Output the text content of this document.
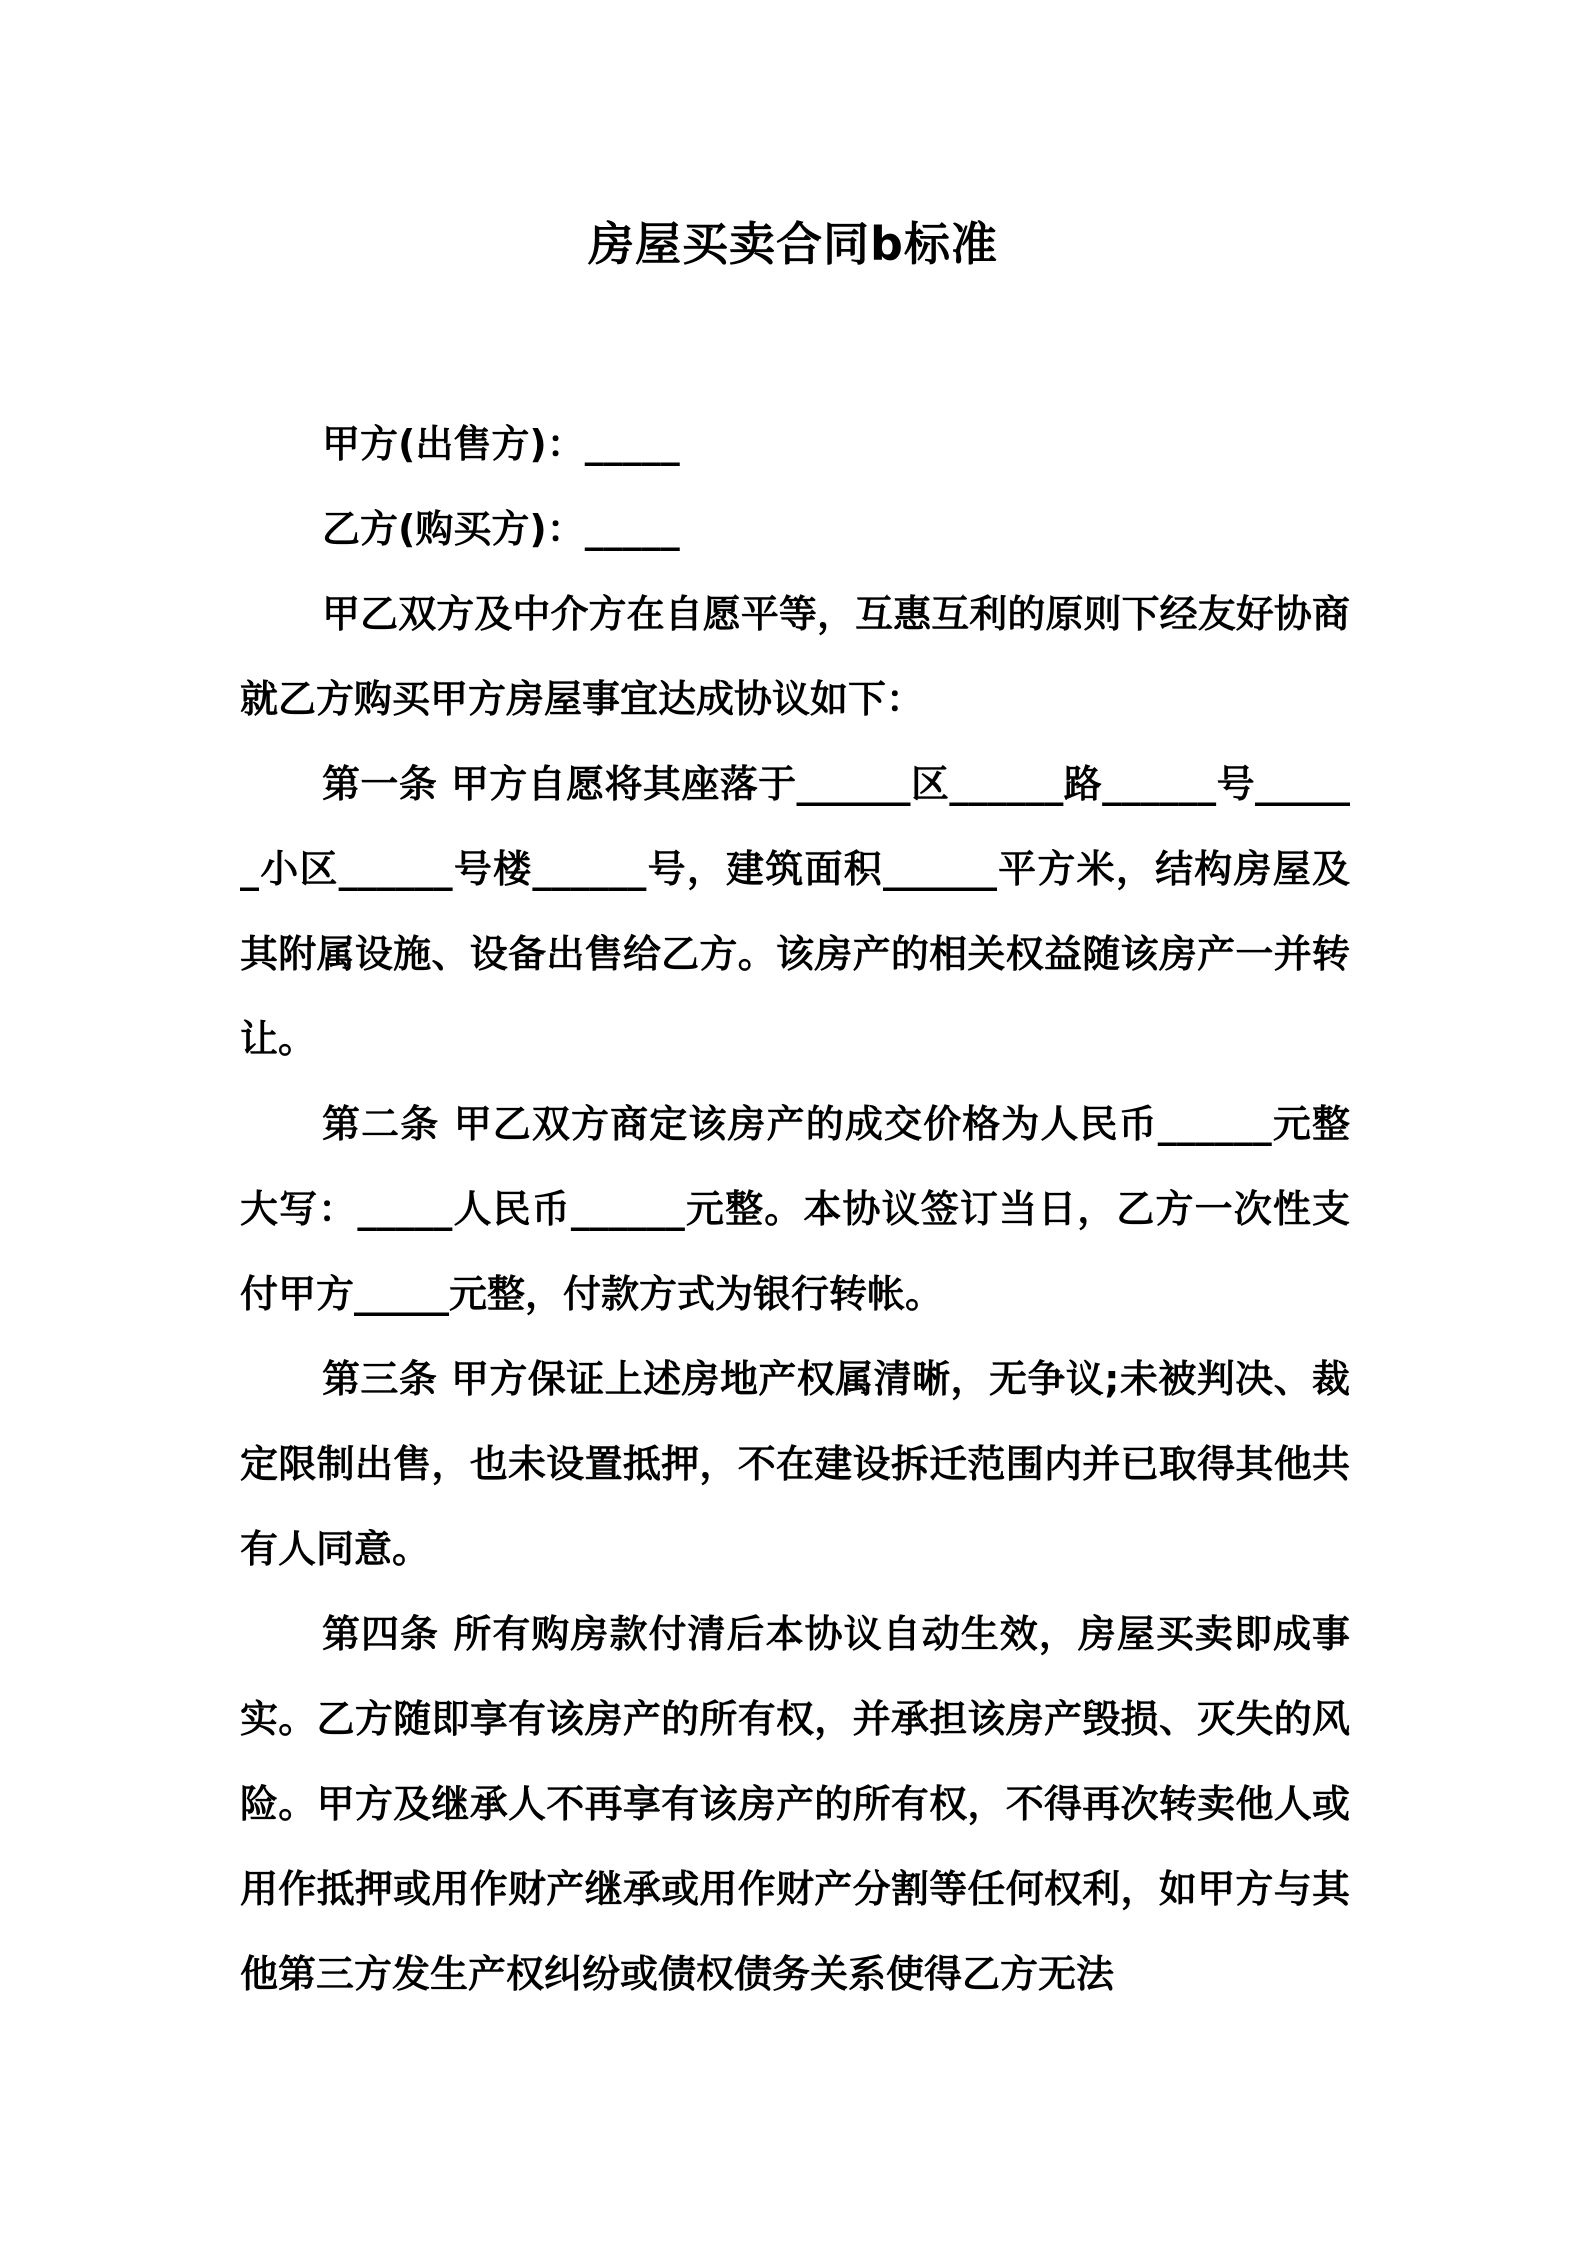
房屋买卖合同b标准

甲方(出售方)：_____

乙方(购买方)：_____

甲乙双方及中介方在自愿平等，互惠互利的原则下经友好协商就乙方购买甲方房屋事宜达成协议如下：

第一条 甲方自愿将其座落于______区______路______号______小区______号楼______号，建筑面积______平方米，结构房屋及其附属设施、设备出售给乙方。该房产的相关权益随该房产一并转让。

第二条 甲乙双方商定该房产的成交价格为人民币______元整大写：_____人民币______元整。本协议签订当日，乙方一次性支付甲方_____元整，付款方式为银行转帐。

第三条 甲方保证上述房地产权属清晰，无争议;未被判决、裁定限制出售，也未设置抵押，不在建设拆迁范围内并已取得其他共有人同意。

第四条 所有购房款付清后本协议自动生效，房屋买卖即成事实。乙方随即享有该房产的所有权，并承担该房产毁损、灭失的风险。甲方及继承人不再享有该房产的所有权，不得再次转卖他人或用作抵押或用作财产继承或用作财产分割等任何权利，如甲方与其他第三方发生产权纠纷或债权债务关系使得乙方无法
